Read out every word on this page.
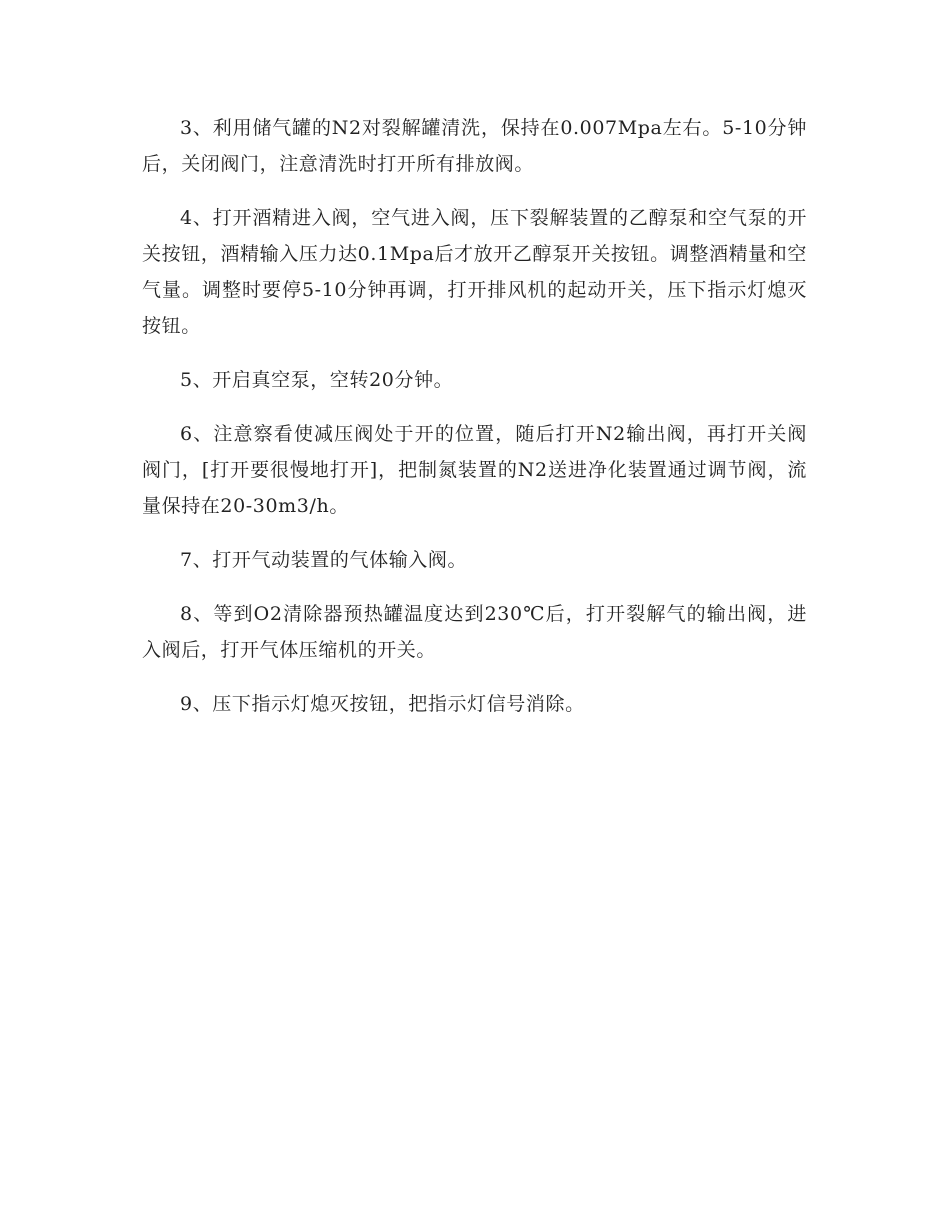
3、利用储气罐的N2对裂解罐清洗，保持在0.007Mpa左右。5-10分钟后，关闭阀门，注意清洗时打开所有排放阀。

4、打开酒精进入阀，空气进入阀，压下裂解装置的乙醇泵和空气泵的开关按钮，酒精输入压力达0.1Mpa后才放开乙醇泵开关按钮。调整酒精量和空气量。调整时要停5-10分钟再调，打开排风机的起动开关，压下指示灯熄灭按钮。

5、开启真空泵，空转20分钟。

6、注意察看使减压阀处于开的位置，随后打开N2输出阀，再打开关阀阀门，[打开要很慢地打开]，把制氮装置的N2送进净化装置通过调节阀，流量保持在20-30m3/h。

7、打开气动装置的气体输入阀。

8、等到O2清除器预热罐温度达到230℃后，打开裂解气的输出阀，进入阀后，打开气体压缩机的开关。

9、压下指示灯熄灭按钮，把指示灯信号消除。
